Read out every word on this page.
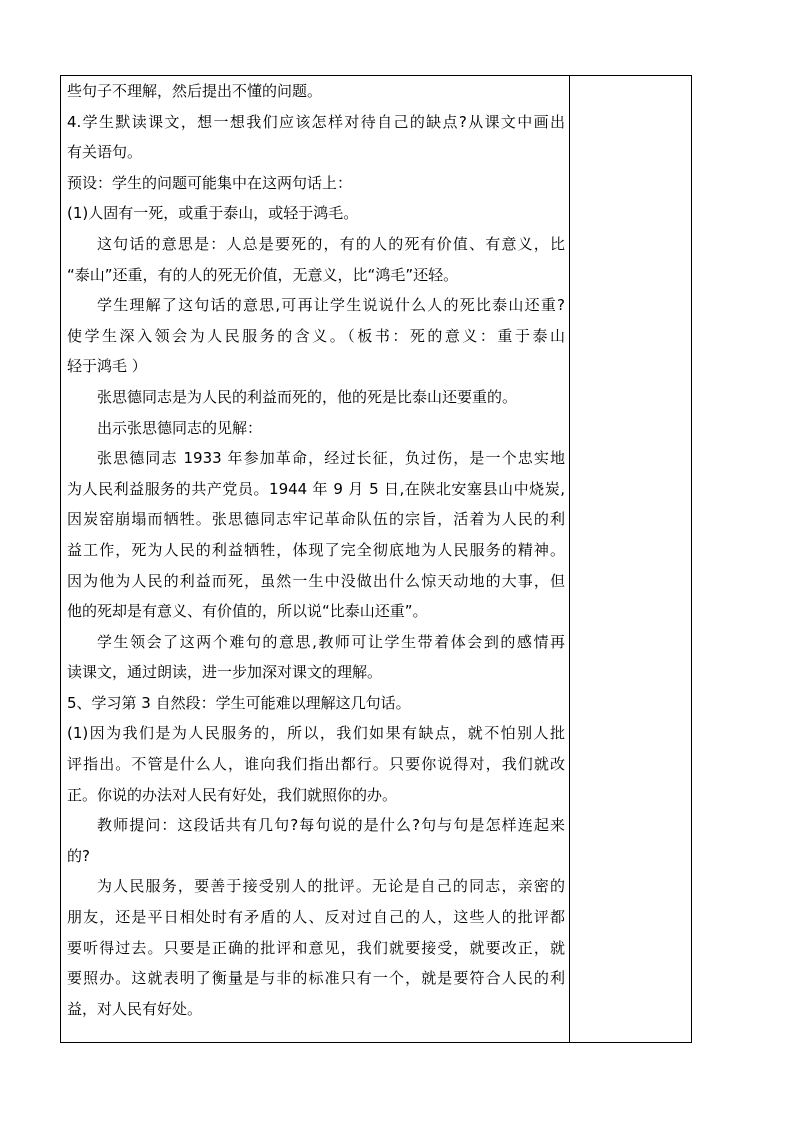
些句子不理解，然后提出不懂的问题。
4.学生默读课文，想一想我们应该怎样对待自己的缺点?从课文中画出
有关语句。
预设：学生的问题可能集中在这两句话上：
(1)人固有一死，或重于泰山，或轻于鸿毛。
这句话的意思是：人总是要死的，有的人的死有价值、有意义，比
“泰山”还重，有的人的死无价值，无意义，比“鸿毛”还轻。
学生理解了这句话的意思,可再让学生说说什么人的死比泰山还重?
使学生深入领会为人民服务的含义。（板书：死的意义：重于泰山
轻于鸿毛 ）
张思德同志是为人民的利益而死的，他的死是比泰山还要重的。
出示张思德同志的见解：
张思德同志 1933 年参加革命，经过长征，负过伤，是一个忠实地
为人民利益服务的共产党员。1944 年 9 月 5 日,在陕北安塞县山中烧炭,
因炭窑崩塌而牺牲。张思德同志牢记革命队伍的宗旨，活着为人民的利
益工作，死为人民的利益牺牲，体现了完全彻底地为人民服务的精神。
因为他为人民的利益而死，虽然一生中没做出什么惊天动地的大事，但
他的死却是有意义、有价值的，所以说“比泰山还重”。
学生领会了这两个难句的意思,教师可让学生带着体会到的感情再
读课文，通过朗读，进一步加深对课文的理解。
5、学习第 3 自然段：学生可能难以理解这几句话。
(1)因为我们是为人民服务的，所以，我们如果有缺点，就不怕别人批
评指出。不管是什么人，谁向我们指出都行。只要你说得对，我们就改
正。你说的办法对人民有好处，我们就照你的办。
教师提问：这段话共有几句?每句说的是什么?句与句是怎样连起来
的?
为人民服务，要善于接受别人的批评。无论是自己的同志，亲密的
朋友，还是平日相处时有矛盾的人、反对过自己的人，这些人的批评都
要听得过去。只要是正确的批评和意见，我们就要接受，就要改正，就
要照办。这就表明了衡量是与非的标准只有一个，就是要符合人民的利
益，对人民有好处。
